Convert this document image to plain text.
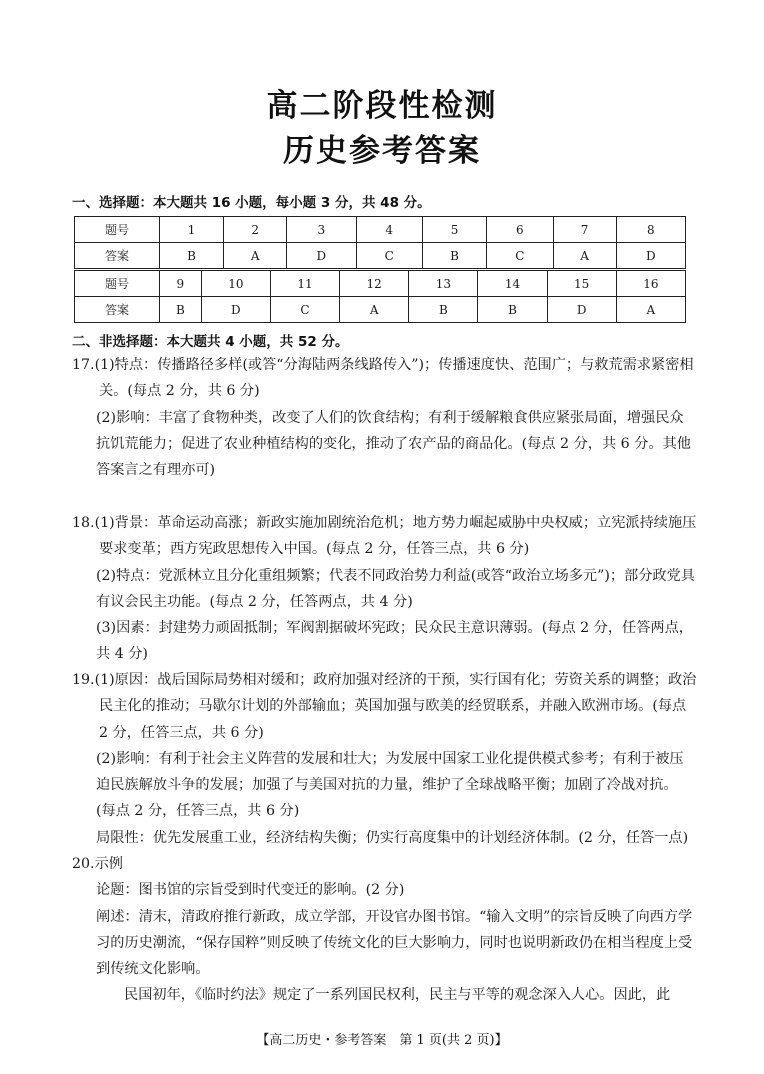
高二阶段性检测
历史参考答案
一、选择题：本大题共 16 小题，每小题 3 分，共 48 分。
题号	1	2	3	4	5	6	7	8
答案	B	A	D	C	B	C	A	D
题号	9	10	11	12	13	14	15	16
答案	B	D	C	A	B	B	D	A
二、非选择题：本大题共 4 小题，共 52 分。
17.(1)特点：传播路径多样(或答“分海陆两条线路传入”)；传播速度快、范围广；与救荒需求紧密相关。(每点 2 分，共 6 分)
(2)影响：丰富了食物种类，改变了人们的饮食结构；有利于缓解粮食供应紧张局面，增强民众抗饥荒能力；促进了农业种植结构的变化，推动了农产品的商品化。(每点 2 分，共 6 分。其他答案言之有理亦可)
18.(1)背景：革命运动高涨；新政实施加剧统治危机；地方势力崛起威胁中央权威；立宪派持续施压要求变革；西方宪政思想传入中国。(每点 2 分，任答三点，共 6 分)
(2)特点：党派林立且分化重组频繁；代表不同政治势力利益(或答“政治立场多元”)；部分政党具有议会民主功能。(每点 2 分，任答两点，共 4 分)
(3)因素：封建势力顽固抵制；军阀割据破坏宪政；民众民主意识薄弱。(每点 2 分，任答两点，共 4 分)
19.(1)原因：战后国际局势相对缓和；政府加强对经济的干预，实行国有化；劳资关系的调整；政治民主化的推动；马歇尔计划的外部输血；英国加强与欧美的经贸联系，并融入欧洲市场。(每点 2 分，任答三点，共 6 分)
(2)影响：有利于社会主义阵营的发展和壮大；为发展中国家工业化提供模式参考；有利于被压迫民族解放斗争的发展；加强了与美国对抗的力量，维护了全球战略平衡；加剧了冷战对抗。(每点 2 分，任答三点，共 6 分)
局限性：优先发展重工业，经济结构失衡；仍实行高度集中的计划经济体制。(2 分，任答一点)
20.示例
论题：图书馆的宗旨受到时代变迁的影响。(2 分)
阐述：清末，清政府推行新政，成立学部，开设官办图书馆。“输入文明”的宗旨反映了向西方学习的历史潮流，“保存国粹”则反映了传统文化的巨大影响力，同时也说明新政仍在相当程度上受到传统文化影响。
民国初年，《临时约法》规定了一系列国民权利，民主与平等的观念深入人心。因此，此
【高二历史・参考答案　第 1 页(共 2 页)】
